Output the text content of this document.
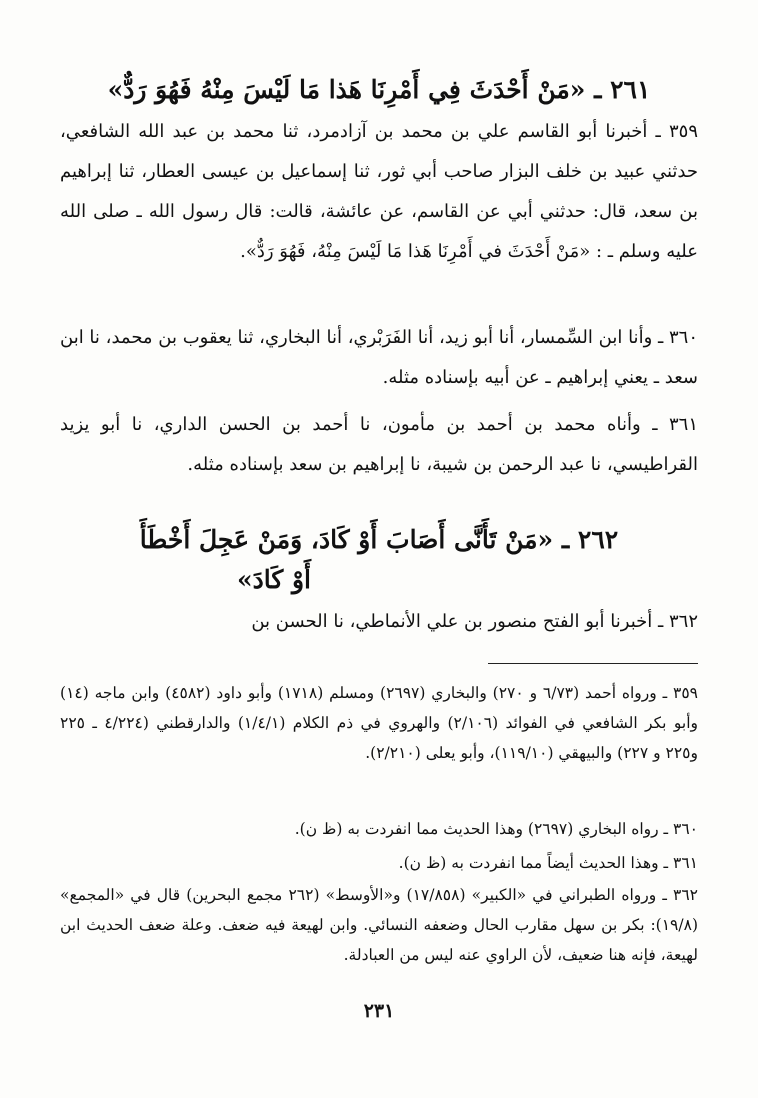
٢٦١ ـ «مَنْ أَحْدَثَ فِي أَمْرِنَا هَذا مَا لَيْسَ مِنْهُ فَهُوَ رَدٌّ»
٣٥٩ ـ أخبرنا أبو القاسم علي بن محمد بن آزادمرد، ثنا محمد بن عبد الله الشافعي، حدثني عبيد بن خلف البزار صاحب أبي ثور، ثنا إسماعيل بن عيسى العطار، ثنا إبراهيم بن سعد، قال: حدثني أبي عن القاسم، عن عائشة، قالت: قال رسول الله ـ صلى الله عليه وسلم ـ : «مَنْ أَحْدَثَ في أَمْرِنَا هَذا مَا لَيْسَ مِنْهُ، فَهُوَ رَدٌّ».
٣٦٠ ـ وأنا ابن السِّمسار، أنا أبو زيد، أنا الفَرَبْري، أنا البخاري، ثنا يعقوب بن محمد، نا ابن سعد ـ يعني إبراهيم ـ عن أبيه بإسناده مثله.
٣٦١ ـ وأناه محمد بن أحمد بن مأمون، نا أحمد بن الحسن الداري، نا أبو يزيد القراطيسي، نا عبد الرحمن بن شيبة، نا إبراهيم بن سعد بإسناده مثله.
٢٦٢ ـ «مَنْ تَأَنَّى أَصَابَ أَوْ كَادَ، وَمَنْ عَجِلَ أَخْطَأَ
أَوْ كَادَ»
٣٦٢ ـ أخبرنا أبو الفتح منصور بن علي الأنماطي، نا الحسن بن
٣٥٩ ـ ورواه أحمد (٦/٧٣ و ٢٧٠) والبخاري (٢٦٩٧) ومسلم (١٧١٨) وأبو داود (٤٥٨٢) وابن ماجه (١٤) وأبو بكر الشافعي في الفوائد (٢/١٠٦) والهروي في ذم الكلام (١/٤/١) والدارقطني (٤/٢٢٤ ـ ٢٢٥ و٢٢٥ و ٢٢٧) والبيهقي (١١٩/١٠)، وأبو يعلى (٢/٢١٠).
٣٦٠ ـ رواه البخاري (٢٦٩٧) وهذا الحديث مما انفردت به (ظ ن).
٣٦١ ـ وهذا الحديث أيضاً مما انفردت به (ظ ن).
٣٦٢ ـ ورواه الطبراني في «الكبير» (١٧/٨٥٨) و«الأوسط» (٢٦٢ مجمع البحرين) قال في «المجمع» (١٩/٨): بكر بن سهل مقارب الحال وضعفه النسائي. وابن لهيعة فيه ضعف. وعلة ضعف الحديث ابن لهيعة، فإنه هنا ضعيف، لأن الراوي عنه ليس من العبادلة.
٢٣١
